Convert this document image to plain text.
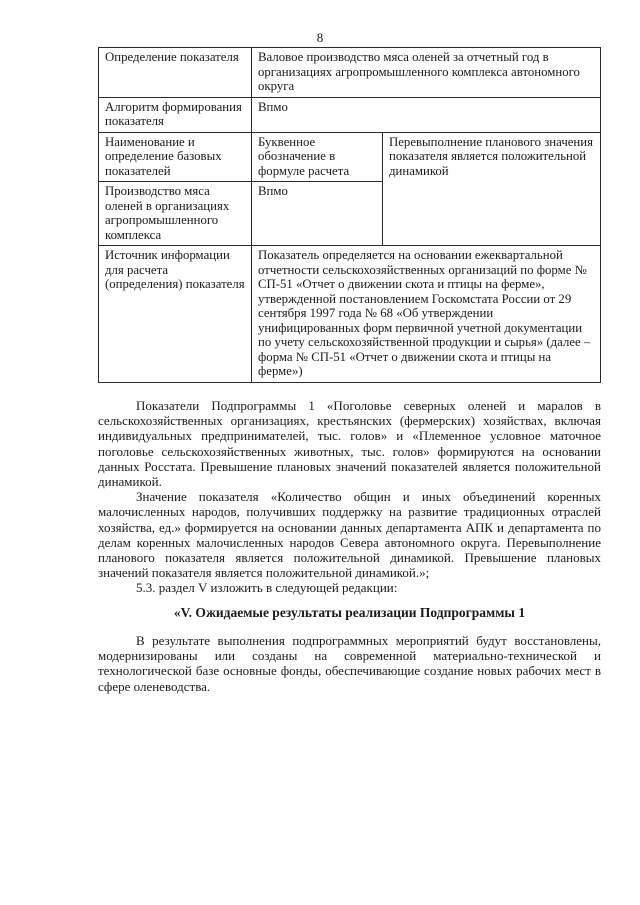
8
Определение показателя	Валовое производство мяса оленей за отчетный год в организациях агропромышленного комплекса автономного округа	
Алгоритм формирования показателя	Впмо	
Наименование и определение базовых показателей	Буквенное обозначение в формуле расчета	Перевыполнение планового значения показателя является положительной динамикой
Производство мяса оленей в организациях агропромышленного комплекса	Впмо	
Источник информации для расчета (определения) показателя	Показатель определяется на основании ежеквартальной отчетности сельскохозяйственных организаций по форме № СП-51 «Отчет о движении скота и птицы на ферме», утвержденной постановлением Госкомстата России от 29 сентября 1997 года № 68 «Об утверждении унифицированных форм первичной учетной документации по учету сельскохозяйственной продукции и сырья» (далее – форма № СП-51 «Отчет о движении скота и птицы на ферме»)	

Показатели Подпрограммы 1 «Поголовье северных оленей и маралов в сельскохозяйственных организациях, крестьянских (фермерских) хозяйствах, включая индивидуальных предпринимателей, тыс. голов» и «Племенное условное маточное поголовье сельскохозяйственных животных, тыс. голов» формируются на основании данных Росстата. Превышение плановых значений показателей является положительной динамикой.

Значение показателя «Количество общин и иных объединений коренных малочисленных народов, получивших поддержку на развитие традиционных отраслей хозяйства, ед.» формируется на основании данных департамента АПК и департамента по делам коренных малочисленных народов Севера автономного округа. Перевыполнение планового показателя является положительной динамикой. Превышение плановых значений показателя является положительной динамикой.»;

5.3. раздел V изложить в следующей редакции:

«V. Ожидаемые результаты реализации Подпрограммы 1

В результате выполнения подпрограммных мероприятий будут восстановлены, модернизированы или созданы на современной материально-технической и технологической базе основные фонды, обеспечивающие создание новых рабочих мест в сфере оленеводства.
